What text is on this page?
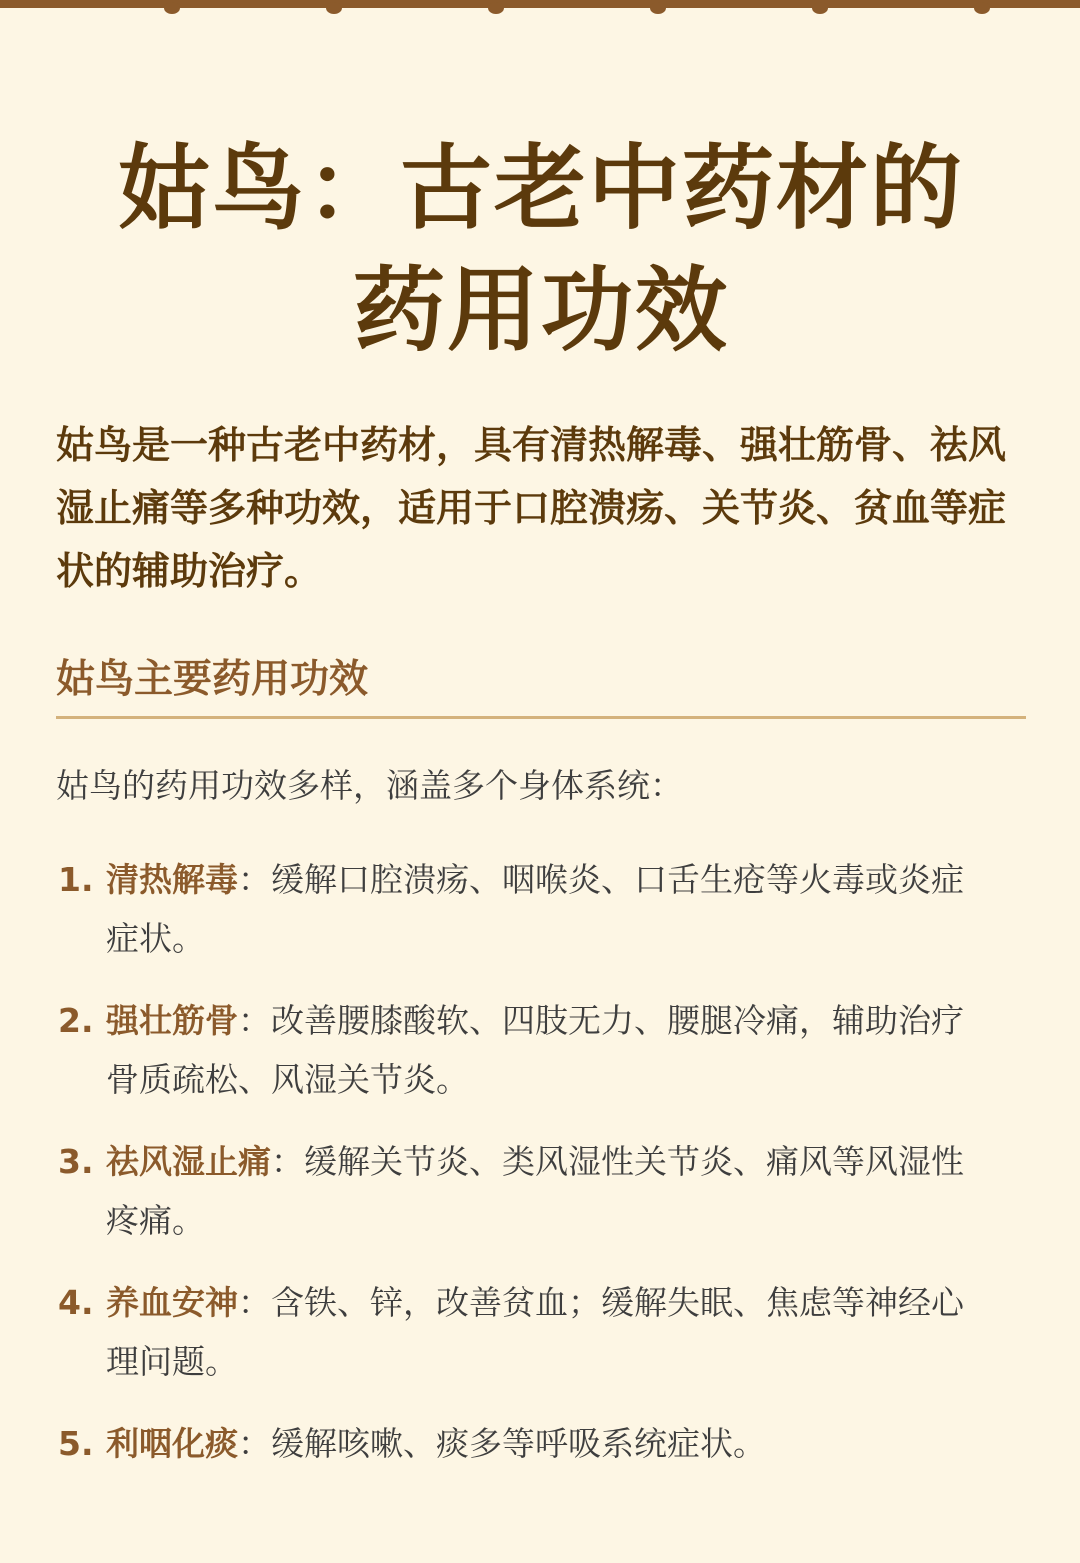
姑鸟：古老中药材的
药用功效

姑鸟是一种古老中药材，具有清热解毒、强壮筋骨、祛风湿止痛等多种功效，适用于口腔溃疡、关节炎、贫血等症状的辅助治疗。

姑鸟主要药用功效

姑鸟的药用功效多样，涵盖多个身体系统：

1. 清热解毒：缓解口腔溃疡、咽喉炎、口舌生疮等火毒或炎症症状。
2. 强壮筋骨：改善腰膝酸软、四肢无力、腰腿冷痛，辅助治疗骨质疏松、风湿关节炎。
3. 祛风湿止痛：缓解关节炎、类风湿性关节炎、痛风等风湿性疼痛。
4. 养血安神：含铁、锌，改善贫血；缓解失眠、焦虑等神经心理问题。
5. 利咽化痰：缓解咳嗽、痰多等呼吸系统症状。
